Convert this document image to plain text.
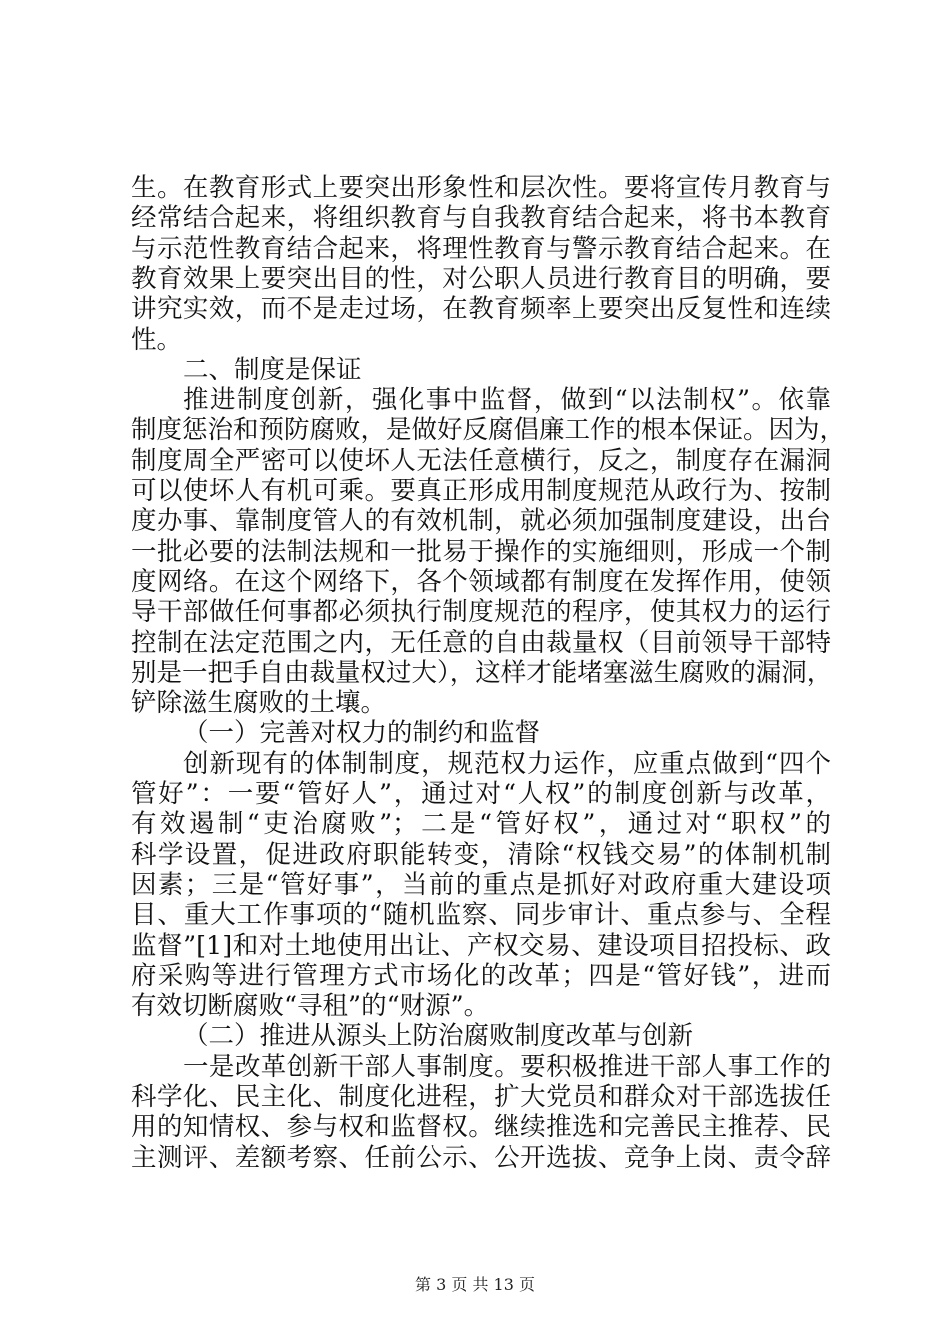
生。在教育形式上要突出形象性和层次性。要将宣传月教育与
经常结合起来，将组织教育与自我教育结合起来，将书本教育
与示范性教育结合起来，将理性教育与警示教育结合起来。在
教育效果上要突出目的性，对公职人员进行教育目的明确，要
讲究实效，而不是走过场，在教育频率上要突出反复性和连续
性。
二、制度是保证
推进制度创新，强化事中监督，做到“以法制权”。依靠
制度惩治和预防腐败，是做好反腐倡廉工作的根本保证。因为，
制度周全严密可以使坏人无法任意横行，反之，制度存在漏洞
可以使坏人有机可乘。要真正形成用制度规范从政行为、按制
度办事、靠制度管人的有效机制，就必须加强制度建设，出台
一批必要的法制法规和一批易于操作的实施细则，形成一个制
度网络。在这个网络下，各个领域都有制度在发挥作用，使领
导干部做任何事都必须执行制度规范的程序，使其权力的运行
控制在法定范围之内，无任意的自由裁量权（目前领导干部特
别是一把手自由裁量权过大），这样才能堵塞滋生腐败的漏洞，
铲除滋生腐败的土壤。
（一）完善对权力的制约和监督
创新现有的体制制度，规范权力运作，应重点做到“四个
管好”：一要“管好人”，通过对“人权”的制度创新与改革，
有效遏制“吏治腐败”；二是“管好权”，通过对“职权”的
科学设置，促进政府职能转变，清除“权钱交易”的体制机制
因素；三是“管好事”，当前的重点是抓好对政府重大建设项
目、重大工作事项的“随机监察、同步审计、重点参与、全程
监督”[1]和对土地使用出让、产权交易、建设项目招投标、政
府采购等进行管理方式市场化的改革；四是“管好钱”，进而
有效切断腐败“寻租”的“财源”。
（二）推进从源头上防治腐败制度改革与创新
一是改革创新干部人事制度。要积极推进干部人事工作的
科学化、民主化、制度化进程，扩大党员和群众对干部选拔任
用的知情权、参与权和监督权。继续推选和完善民主推荐、民
主测评、差额考察、任前公示、公开选拔、竞争上岗、责令辞
第 3 页 共 13 页
